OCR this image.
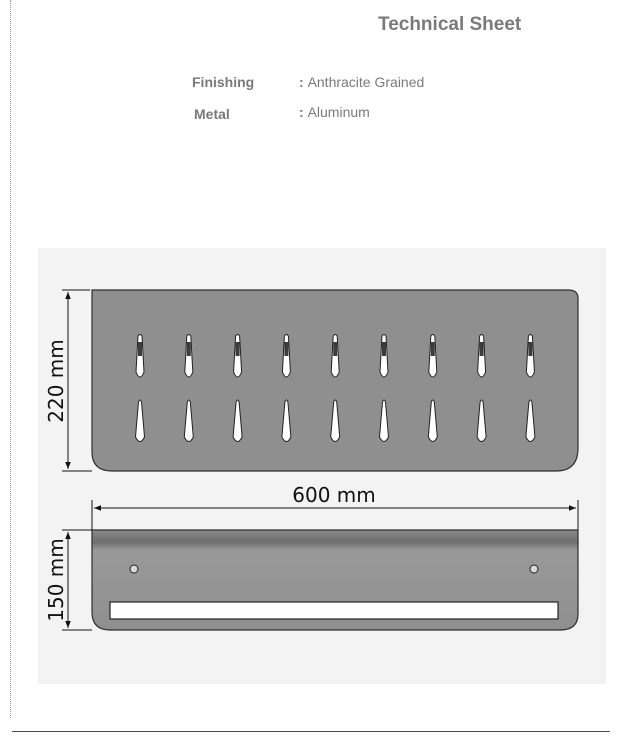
Technical Sheet
Finishing	: Anthracite Grained
Metal	: Aluminum
220 mm
600 mm
150 mm
